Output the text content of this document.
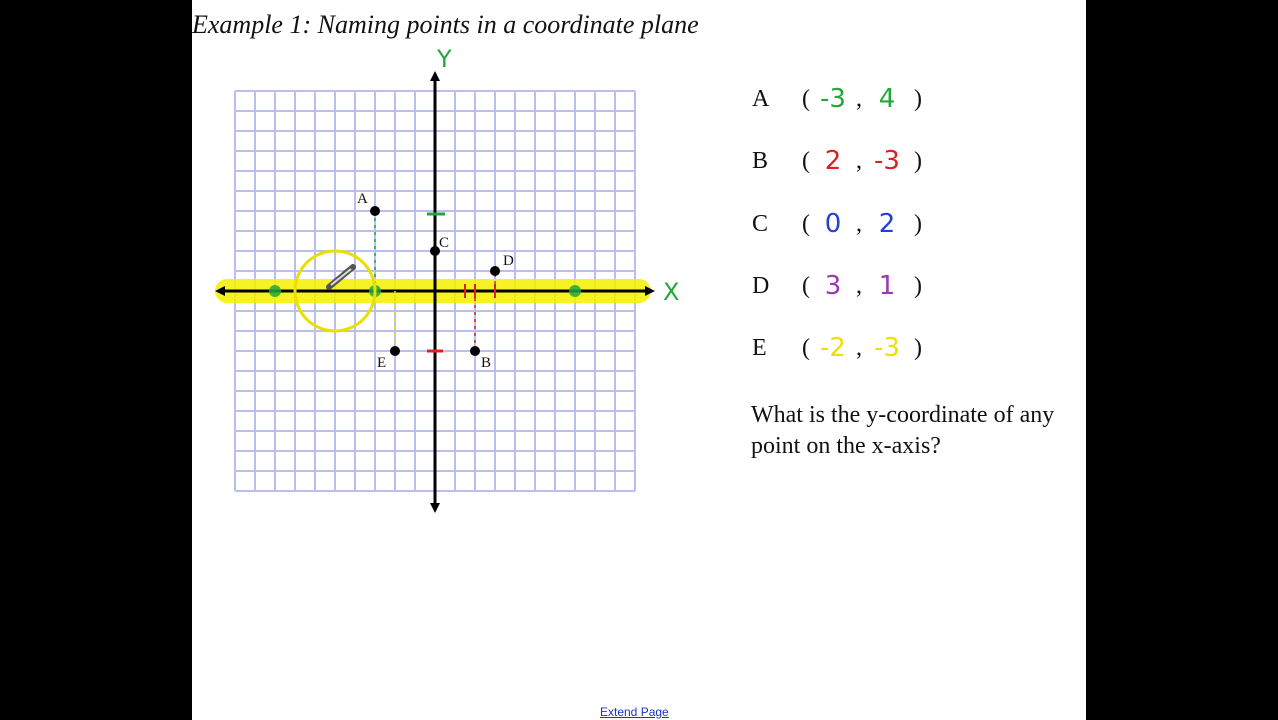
Example 1: Naming points in a coordinate plane
X
Y
A
B
C
D
E
A ( -3 , 4 )
B ( 2 , -3 )
C ( 0 , 2 )
D ( 3 , 1 )
E ( -2 , -3 )
What is the y-coordinate of any point on the x-axis?
Extend Page
